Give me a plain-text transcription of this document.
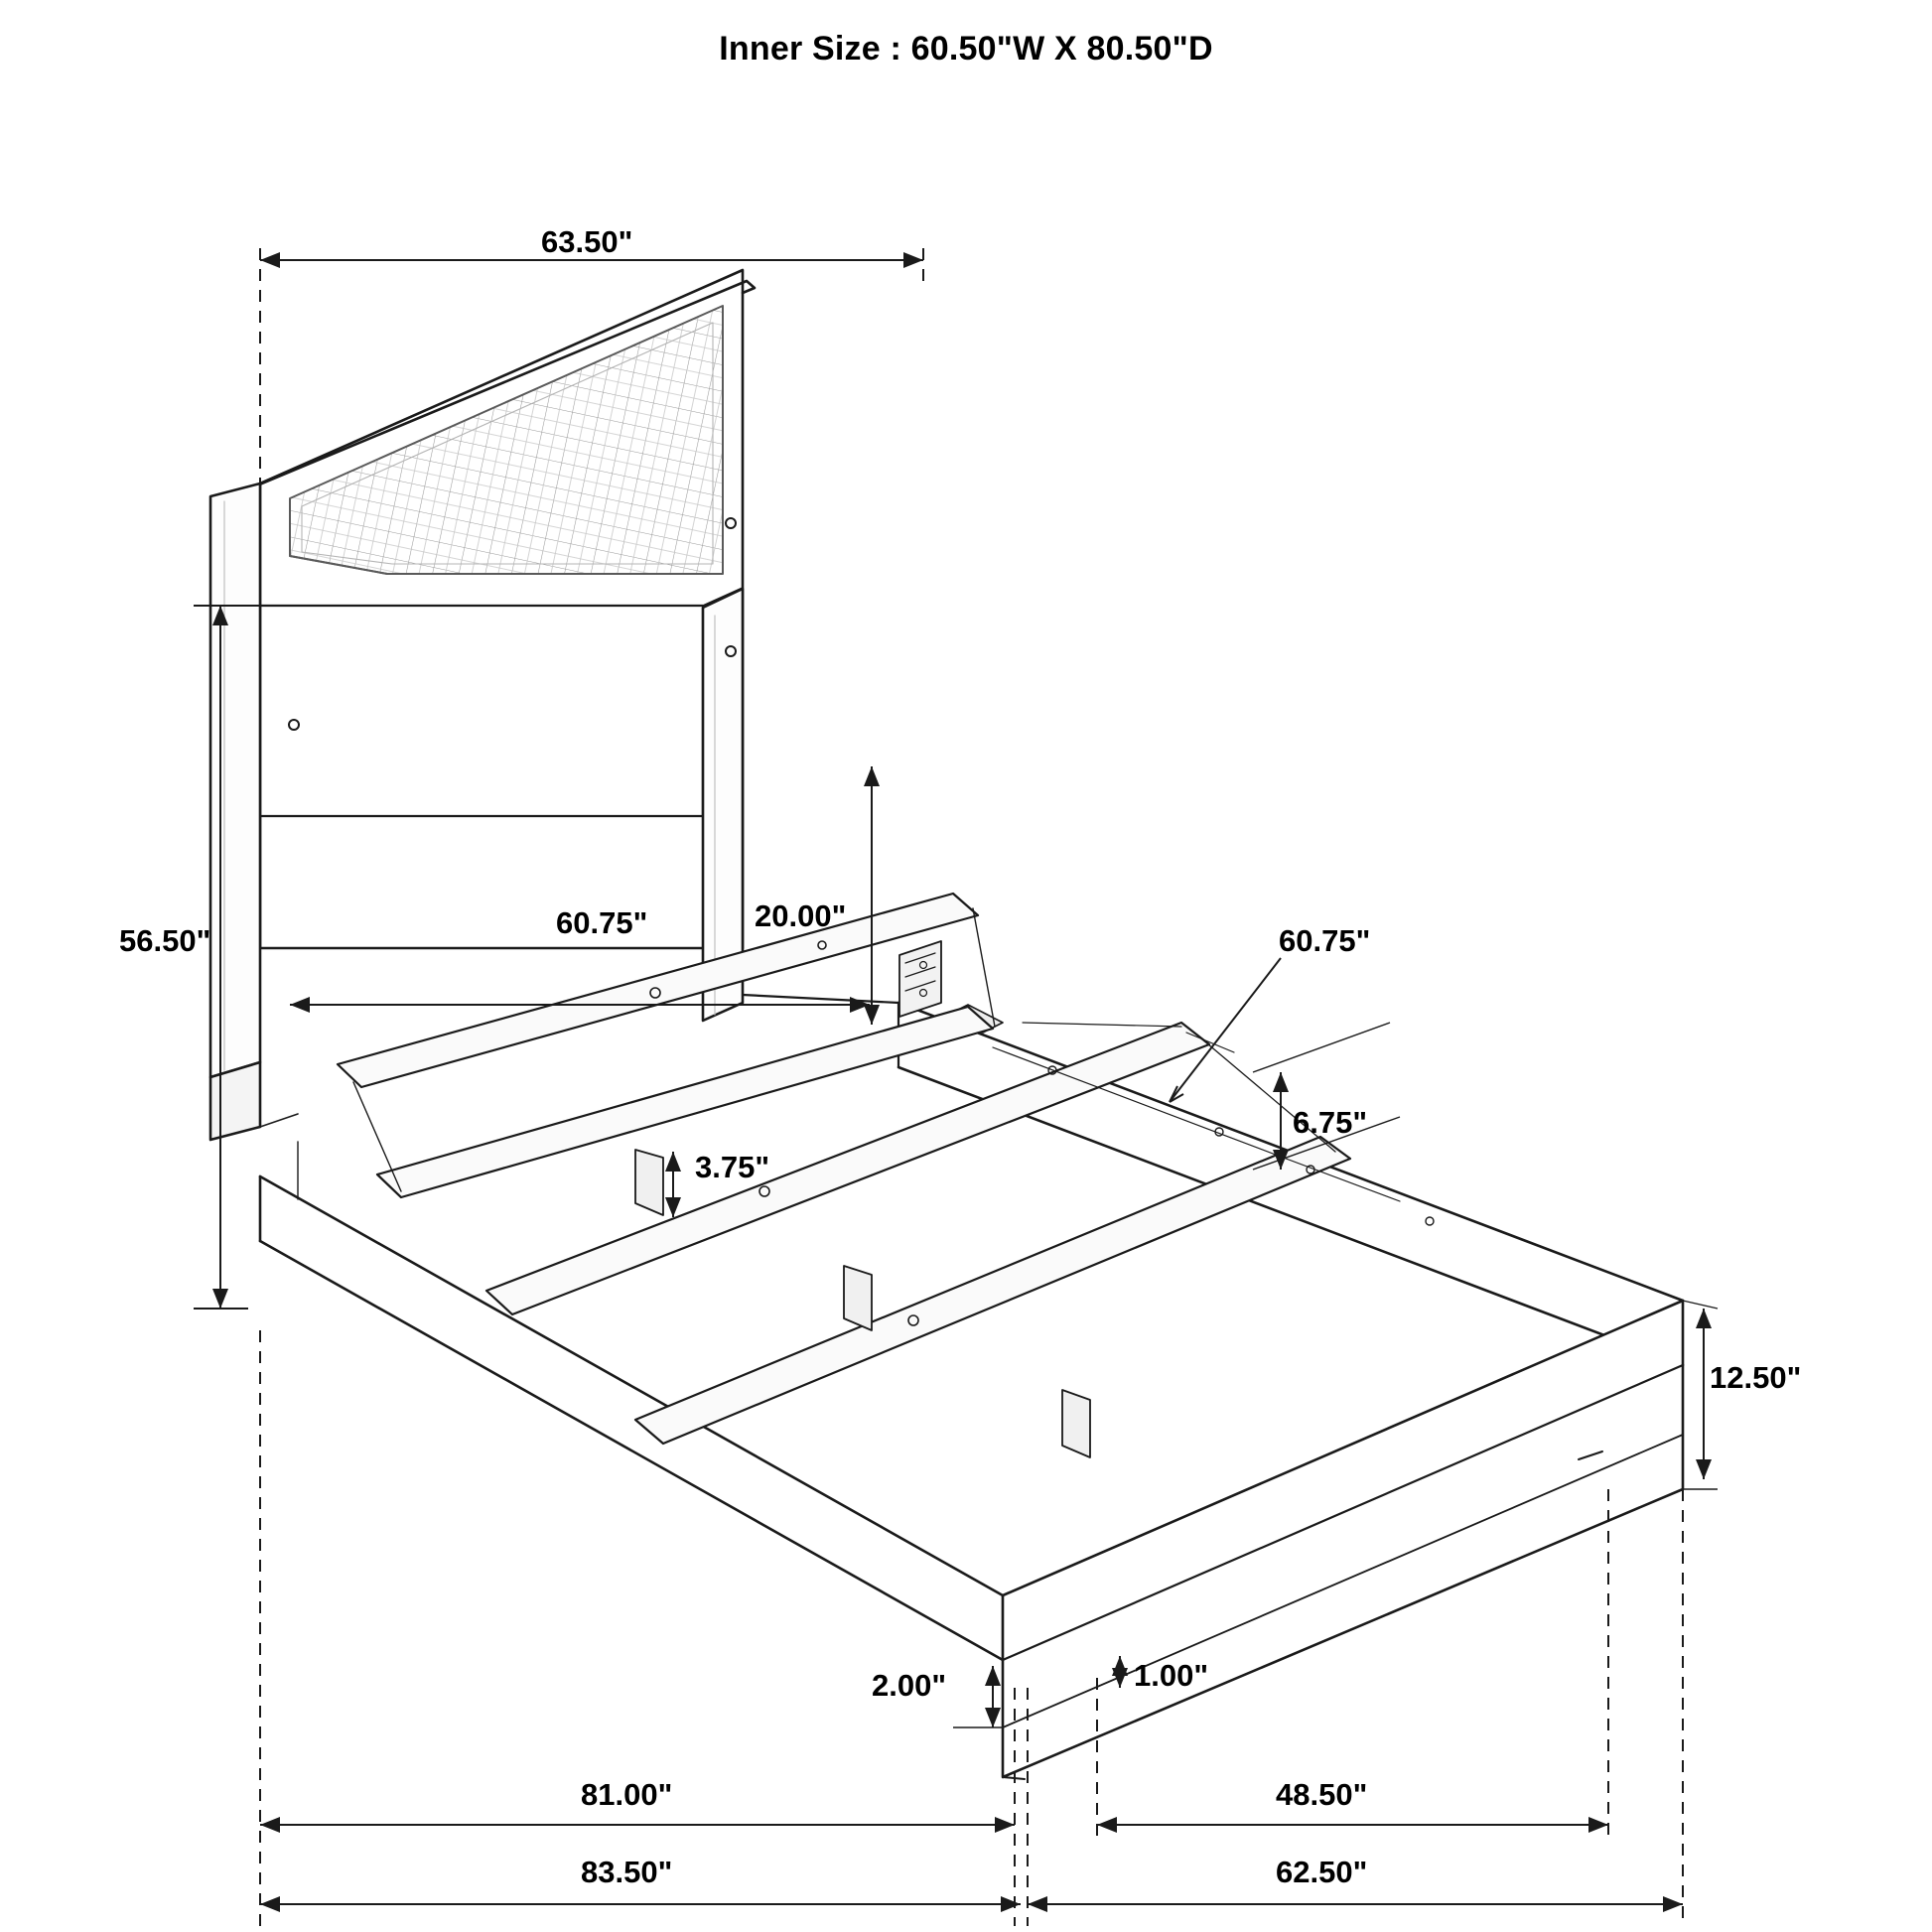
Inner Size : 60.50"W X 80.50"D
63.50"
56.50"
60.75"	20.00"
60.75"
6.75"
3.75"
12.50"
2.00"	1.00"
81.00"
83.50"
48.50"
62.50"
